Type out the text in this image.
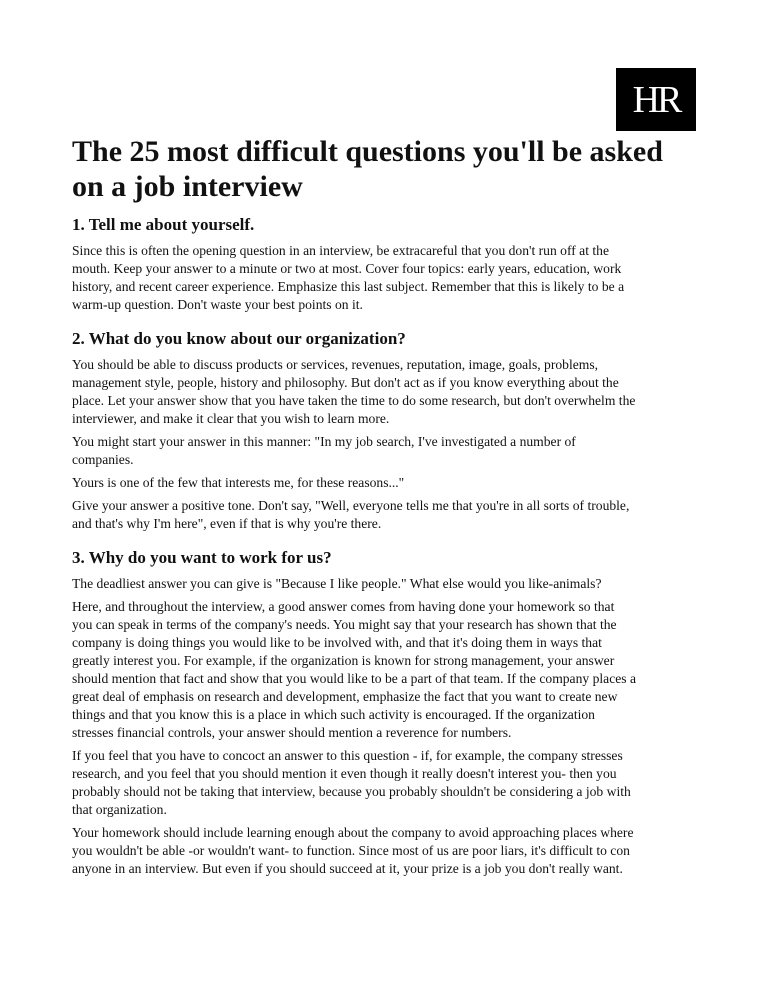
HR
The 25 most difficult questions you'll be asked
on a job interview
1. Tell me about yourself.

Since this is often the opening question in an interview, be extracareful that you don't run off at the
mouth. Keep your answer to a minute or two at most. Cover four topics: early years, education, work
history, and recent career experience. Emphasize this last subject. Remember that this is likely to be a
warm-up question. Don't waste your best points on it.

2. What do you know about our organization?

You should be able to discuss products or services, revenues, reputation, image, goals, problems,
management style, people, history and philosophy. But don't act as if you know everything about the
place. Let your answer show that you have taken the time to do some research, but don't overwhelm the
interviewer, and make it clear that you wish to learn more.

You might start your answer in this manner: "In my job search, I've investigated a number of
companies.

Yours is one of the few that interests me, for these reasons..."

Give your answer a positive tone. Don't say, "Well, everyone tells me that you're in all sorts of trouble,
and that's why I'm here", even if that is why you're there.

3. Why do you want to work for us?

The deadliest answer you can give is "Because I like people." What else would you like-animals?

Here, and throughout the interview, a good answer comes from having done your homework so that
you can speak in terms of the company's needs. You might say that your research has shown that the
company is doing things you would like to be involved with, and that it's doing them in ways that
greatly interest you. For example, if the organization is known for strong management, your answer
should mention that fact and show that you would like to be a part of that team. If the company places a
great deal of emphasis on research and development, emphasize the fact that you want to create new
things and that you know this is a place in which such activity is encouraged. If the organization
stresses financial controls, your answer should mention a reverence for numbers.

If you feel that you have to concoct an answer to this question - if, for example, the company stresses
research, and you feel that you should mention it even though it really doesn't interest you- then you
probably should not be taking that interview, because you probably shouldn't be considering a job with
that organization.

Your homework should include learning enough about the company to avoid approaching places where
you wouldn't be able -or wouldn't want- to function. Since most of us are poor liars, it's difficult to con
anyone in an interview. But even if you should succeed at it, your prize is a job you don't really want.
